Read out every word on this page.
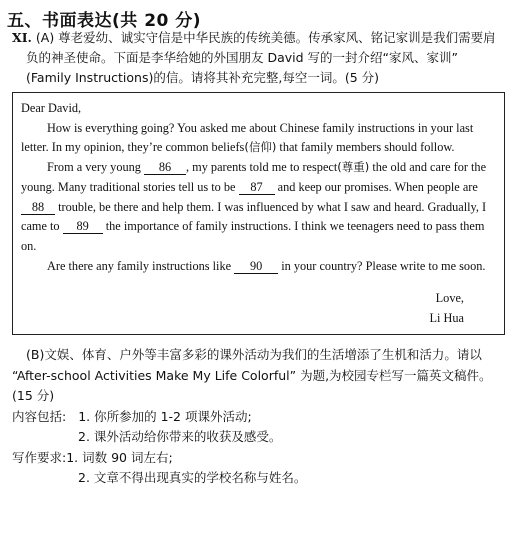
五、书面表达(共 20 分)
XI. (A) 尊老爱幼、诚实守信是中华民族的传统美德。传承家风、铭记家训是我们需要肩
负的神圣使命。下面是李华给她的外国朋友 David 写的一封介绍“家风、家训”
(Family Instructions)的信。请将其补充完整,每空一词。(5 分)

Dear David,

How is everything going? You asked me about Chinese family instructions in your last letter. In my opinion, they’re common beliefs(信仰) that family members should follow.

From a very young 86 , my parents told me to respect(尊重) the old and care for the young. Many traditional stories tell us to be 87 and keep our promises. When people are 88 trouble, be there and help them. I was influenced by what I saw and heard. Gradually, I came to 89 the importance of family instructions. I think we teenagers need to pass them on.

Are there any family instructions like 90 in your country? Please write to me soon.

Love,
Li Hua

(B)文娱、体育、户外等丰富多彩的课外活动为我们的生活增添了生机和活力。请以

“After-school Activities Make My Life Colorful” 为题,为校园专栏写一篇英文稿件。(15 分)

内容包括: 1. 你所参加的 1-2 项课外活动;
2. 课外活动给你带来的收获及感受。
写作要求: 1. 词数 90 词左右;
2. 文章不得出现真实的学校名称与姓名。
